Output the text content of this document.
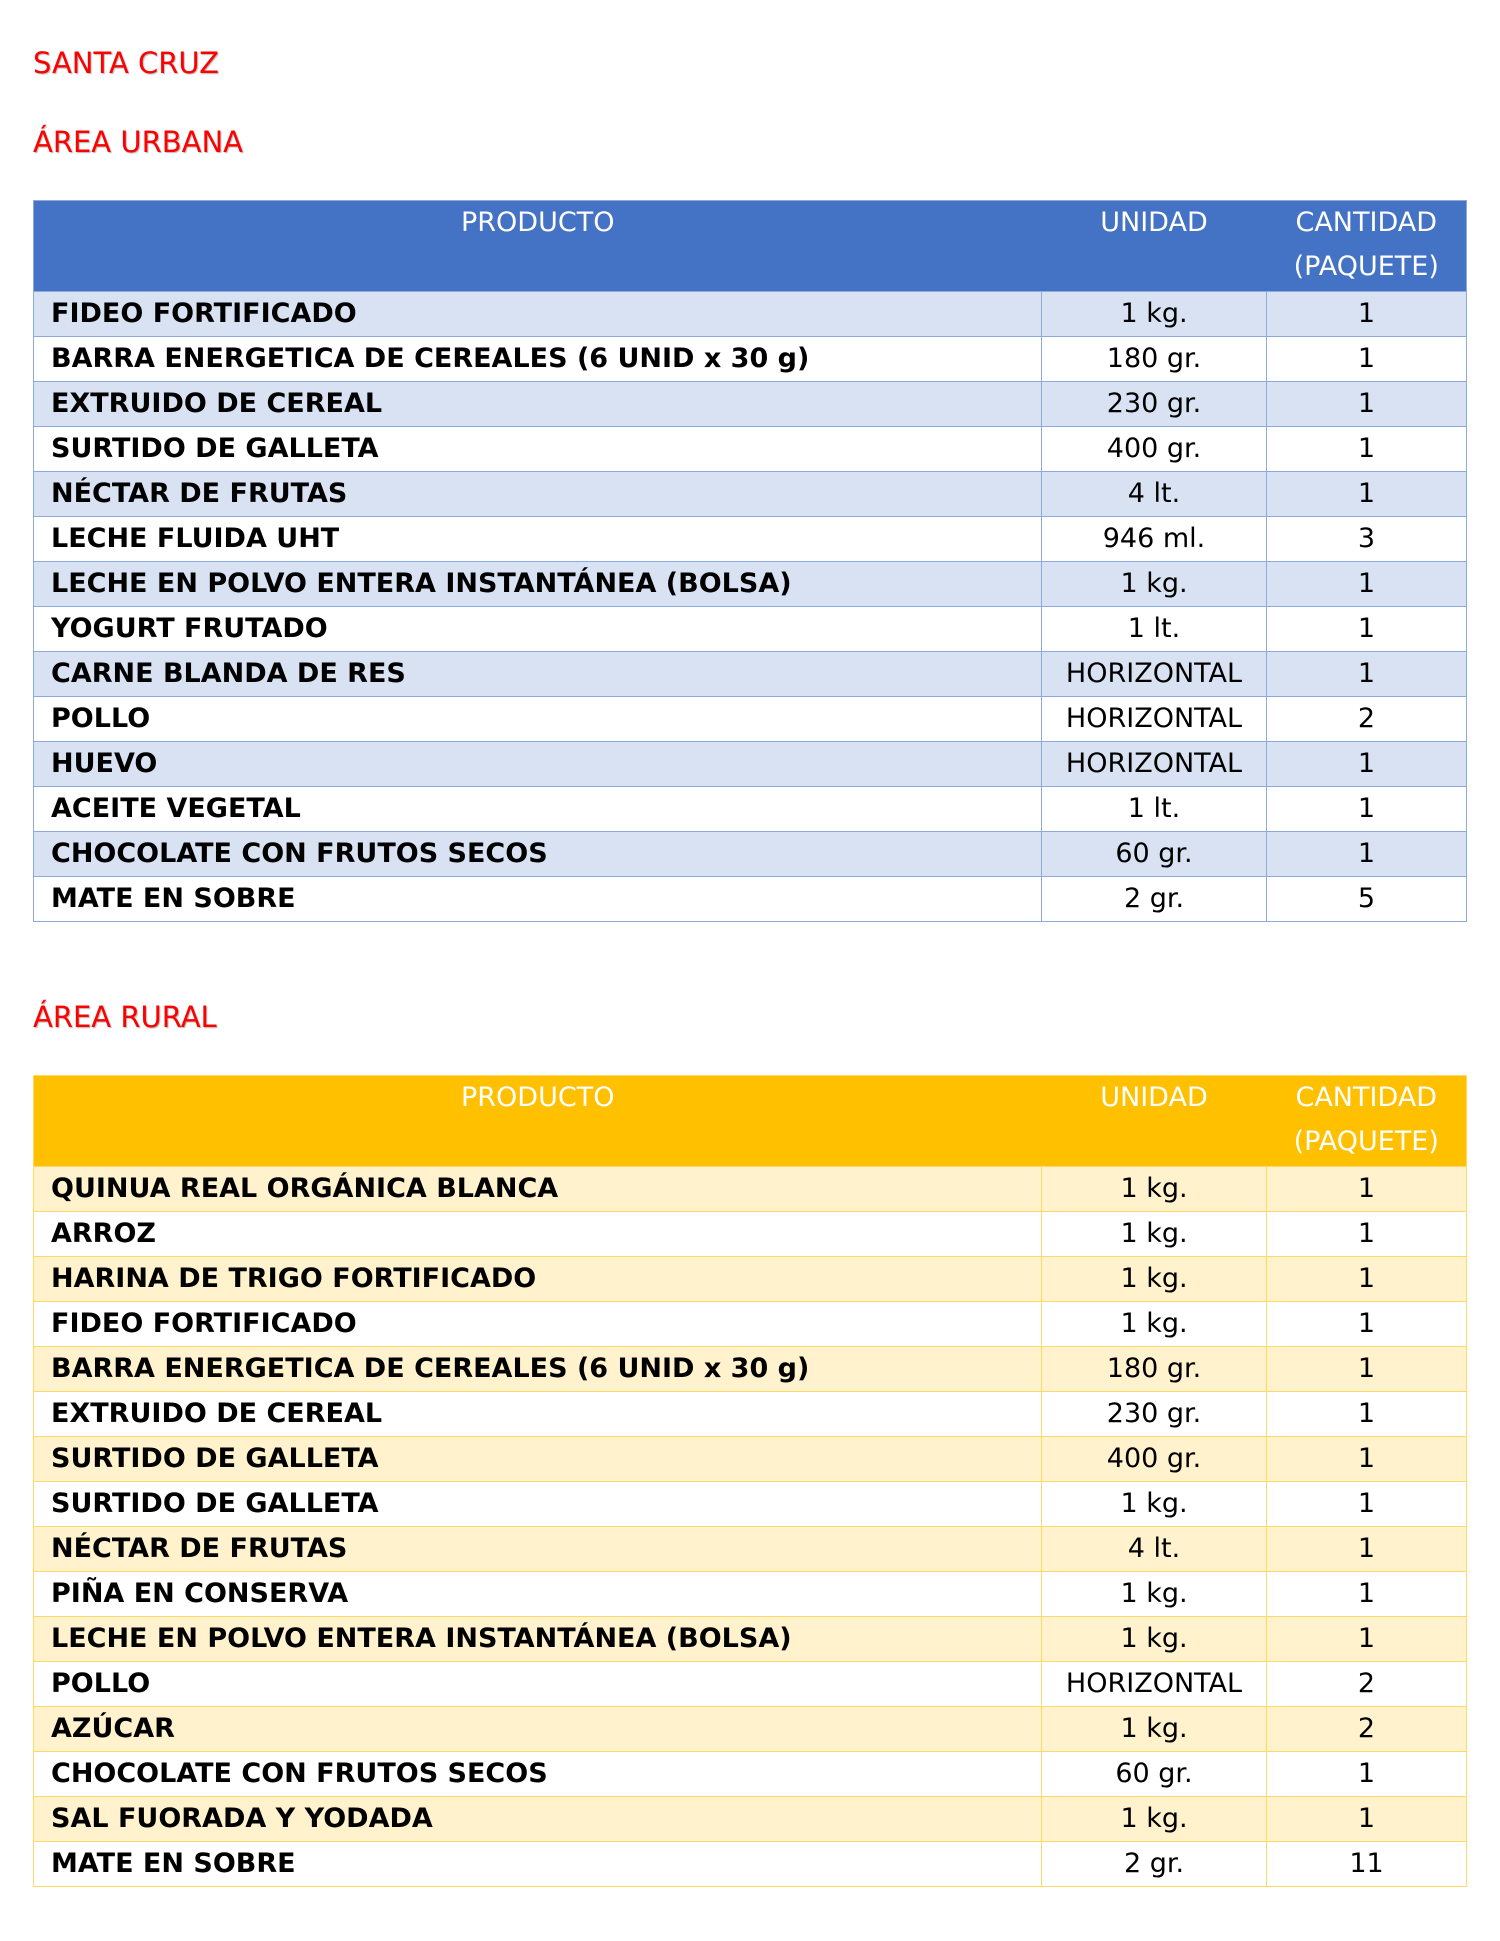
SANTA CRUZ
ÁREA URBANA
PRODUCTO	UNIDAD	CANTIDAD
(PAQUETE)
FIDEO FORTIFICADO	1 kg.	1
BARRA ENERGETICA DE CEREALES (6 UNID x 30 g)	180 gr.	1
EXTRUIDO DE CEREAL	230 gr.	1
SURTIDO DE GALLETA	400 gr.	1
NÉCTAR DE FRUTAS	4 lt.	1
LECHE FLUIDA UHT	946 ml.	3
LECHE EN POLVO ENTERA INSTANTÁNEA (BOLSA)	1 kg.	1
YOGURT FRUTADO	1 lt.	1
CARNE BLANDA DE RES	HORIZONTAL	1
POLLO	HORIZONTAL	2
HUEVO	HORIZONTAL	1
ACEITE VEGETAL	1 lt.	1
CHOCOLATE CON FRUTOS SECOS	60 gr.	1
MATE EN SOBRE	2 gr.	5
ÁREA RURAL
PRODUCTO	UNIDAD	CANTIDAD
(PAQUETE)
QUINUA REAL ORGÁNICA BLANCA	1 kg.	1
ARROZ	1 kg.	1
HARINA DE TRIGO FORTIFICADO	1 kg.	1
FIDEO FORTIFICADO	1 kg.	1
BARRA ENERGETICA DE CEREALES (6 UNID x 30 g)	180 gr.	1
EXTRUIDO DE CEREAL	230 gr.	1
SURTIDO DE GALLETA	400 gr.	1
SURTIDO DE GALLETA	1 kg.	1
NÉCTAR DE FRUTAS	4 lt.	1
PIÑA EN CONSERVA	1 kg.	1
LECHE EN POLVO ENTERA INSTANTÁNEA (BOLSA)	1 kg.	1
POLLO	HORIZONTAL	2
AZÚCAR	1 kg.	2
CHOCOLATE CON FRUTOS SECOS	60 gr.	1
SAL FUORADA Y YODADA	1 kg.	1
MATE EN SOBRE	2 gr.	11
